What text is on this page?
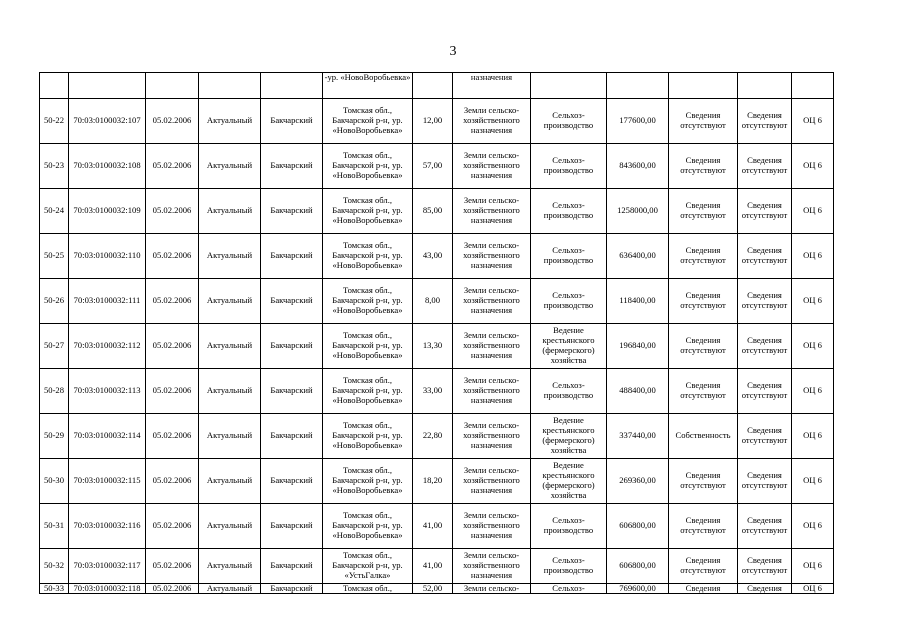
3
					-ур. «НовоВоробьевка»		назначения					
50-22	70:03:0100032:107	05.02.2006	Актуальный	Бакчарский	Томская обл., Бакчарской р-н, ур. «НовоВоробьевка»	12,00	Земли сельско-хозяйственного назначения	Сельхоз-производство	177600,00	Сведения отсутствуют	Сведения отсутствуют	ОЦ 6
50-23	70:03:0100032:108	05.02.2006	Актуальный	Бакчарский	Томская обл., Бакчарской р-н, ур. «НовоВоробьевка»	57,00	Земли сельско-хозяйственного назначения	Сельхоз-производство	843600,00	Сведения отсутствуют	Сведения отсутствуют	ОЦ 6
50-24	70:03:0100032:109	05.02.2006	Актуальный	Бакчарский	Томская обл., Бакчарской р-н, ур. «НовоВоробьевка»	85,00	Земли сельско-хозяйственного назначения	Сельхоз-производство	1258000,00	Сведения отсутствуют	Сведения отсутствуют	ОЦ 6
50-25	70:03:0100032:110	05.02.2006	Актуальный	Бакчарский	Томская обл., Бакчарской р-н, ур. «НовоВоробьевка»	43,00	Земли сельско-хозяйственного назначения	Сельхоз-производство	636400,00	Сведения отсутствуют	Сведения отсутствуют	ОЦ 6
50-26	70:03:0100032:111	05.02.2006	Актуальный	Бакчарский	Томская обл., Бакчарской р-н, ур. «НовоВоробьевка»	8,00	Земли сельско-хозяйственного назначения	Сельхоз-производство	118400,00	Сведения отсутствуют	Сведения отсутствуют	ОЦ 6
50-27	70:03:0100032:112	05.02.2006	Актуальный	Бакчарский	Томская обл., Бакчарской р-н, ур. «НовоВоробьевка»	13,30	Земли сельско-хозяйственного назначения	Ведение крестьянского (фермерского) хозяйства	196840,00	Сведения отсутствуют	Сведения отсутствуют	ОЦ 6
50-28	70:03:0100032:113	05.02.2006	Актуальный	Бакчарский	Томская обл., Бакчарской р-н, ур. «НовоВоробьевка»	33,00	Земли сельско-хозяйственного назначения	Сельхоз-производство	488400,00	Сведения отсутствуют	Сведения отсутствуют	ОЦ 6
50-29	70:03:0100032:114	05.02.2006	Актуальный	Бакчарский	Томская обл., Бакчарской р-н, ур. «НовоВоробьевка»	22,80	Земли сельско-хозяйственного назначения	Ведение крестьянского (фермерского) хозяйства	337440,00	Собственность	Сведения отсутствуют	ОЦ 6
50-30	70:03:0100032:115	05.02.2006	Актуальный	Бакчарский	Томская обл., Бакчарской р-н, ур. «НовоВоробьевка»	18,20	Земли сельско-хозяйственного назначения	Ведение крестьянского (фермерского) хозяйства	269360,00	Сведения отсутствуют	Сведения отсутствуют	ОЦ 6
50-31	70:03:0100032:116	05.02.2006	Актуальный	Бакчарский	Томская обл., Бакчарской р-н, ур. «НовоВоробьевка»	41,00	Земли сельско-хозяйственного назначения	Сельхоз-производство	606800,00	Сведения отсутствуют	Сведения отсутствуют	ОЦ 6
50-32	70:03:0100032:117	05.02.2006	Актуальный	Бакчарский	Томская обл., Бакчарской р-н, ур. «УстьГалка»	41,00	Земли сельско-хозяйственного назначения	Сельхоз-производство	606800,00	Сведения отсутствуют	Сведения отсутствуют	ОЦ 6
50-33	70:03:0100032:118	05.02.2006	Актуальный	Бакчарский	Томская обл.,	52,00	Земли сельско-	Сельхоз-	769600,00	Сведения	Сведения	ОЦ 6
